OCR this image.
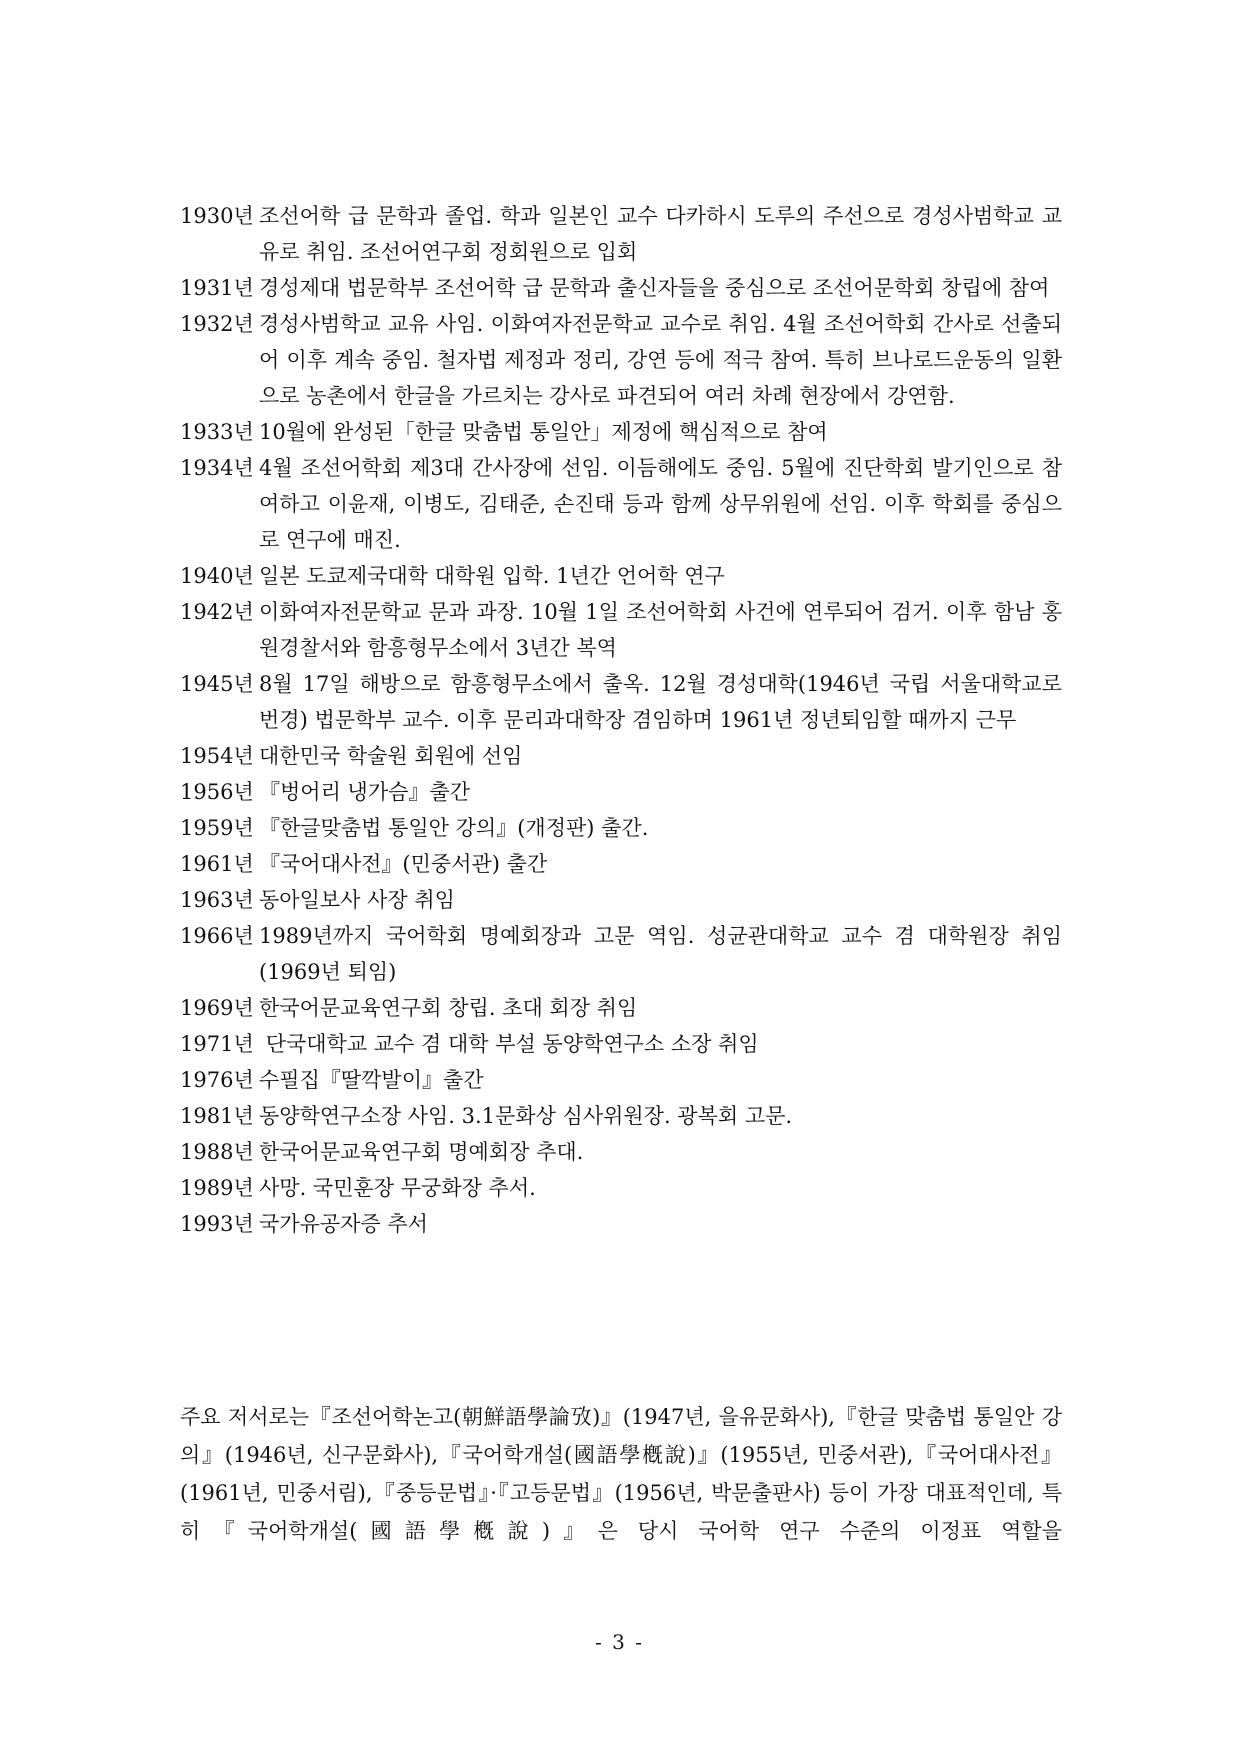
1930년 조선어학 급 문학과 졸업. 학과 일본인 교수 다카하시 도루의 주선으로 경성사범학교 교유로 취임. 조선어연구회 정회원으로 입회
1931년 경성제대 법문학부 조선어학 급 문학과 출신자들을 중심으로 조선어문학회 창립에 참여
1932년 경성사범학교 교유 사임. 이화여자전문학교 교수로 취임. 4월 조선어학회 간사로 선출되어 이후 계속 중임. 철자법 제정과 정리, 강연 등에 적극 참여. 특히 브나로드운동의 일환으로 농촌에서 한글을 가르치는 강사로 파견되어 여러 차례 현장에서 강연함.
1933년 10월에 완성된「한글 맞춤법 통일안」제정에 핵심적으로 참여
1934년 4월 조선어학회 제3대 간사장에 선임. 이듬해에도 중임. 5월에 진단학회 발기인으로 참여하고 이윤재, 이병도, 김태준, 손진태 등과 함께 상무위원에 선임. 이후 학회를 중심으로 연구에 매진.
1940년 일본 도쿄제국대학 대학원 입학. 1년간 언어학 연구
1942년 이화여자전문학교 문과 과장. 10월 1일 조선어학회 사건에 연루되어 검거. 이후 함남 홍원경찰서와 함흥형무소에서 3년간 복역
1945년 8월 17일 해방으로 함흥형무소에서 출옥. 12월 경성대학(1946년 국립 서울대학교로 번경) 법문학부 교수. 이후 문리과대학장 겸임하며 1961년 정년퇴임할 때까지 근무
1954년 대한민국 학술원 회원에 선임
1956년 『벙어리 냉가슴』출간
1959년 『한글맞춤법 통일안 강의』(개정판) 출간.
1961년 『국어대사전』(민중서관) 출간
1963년 동아일보사 사장 취임
1966년 1989년까지 국어학회 명예회장과 고문 역임. 성균관대학교 교수 겸 대학원장 취임(1969년 퇴임)
1969년 한국어문교육연구회 창립. 초대 회장 취임
1971년 단국대학교 교수 겸 대학 부설 동양학연구소 소장 취임
1976년 수필집『딸깍발이』출간
1981년 동양학연구소장 사임. 3.1문화상 심사위원장. 광복회 고문.
1988년 한국어문교육연구회 명예회장 추대.
1989년 사망. 국민훈장 무궁화장 추서.
1993년 국가유공자증 추서

주요 저서로는『조선어학논고(朝鮮語學論攷)』(1947년, 을유문화사),『한글 맞춤법 통일안 강의』(1946년, 신구문화사),『국어학개설(國語學槪說)』(1955년, 민중서관),『국어대사전』(1961년, 민중서림),『중등문법』·『고등문법』(1956년, 박문출판사) 등이 가장 대표적인데, 특히『국어학개설(國語學槪說)』은 당시 국어학 연구 수준의 이정표 역할을

- 3 -
